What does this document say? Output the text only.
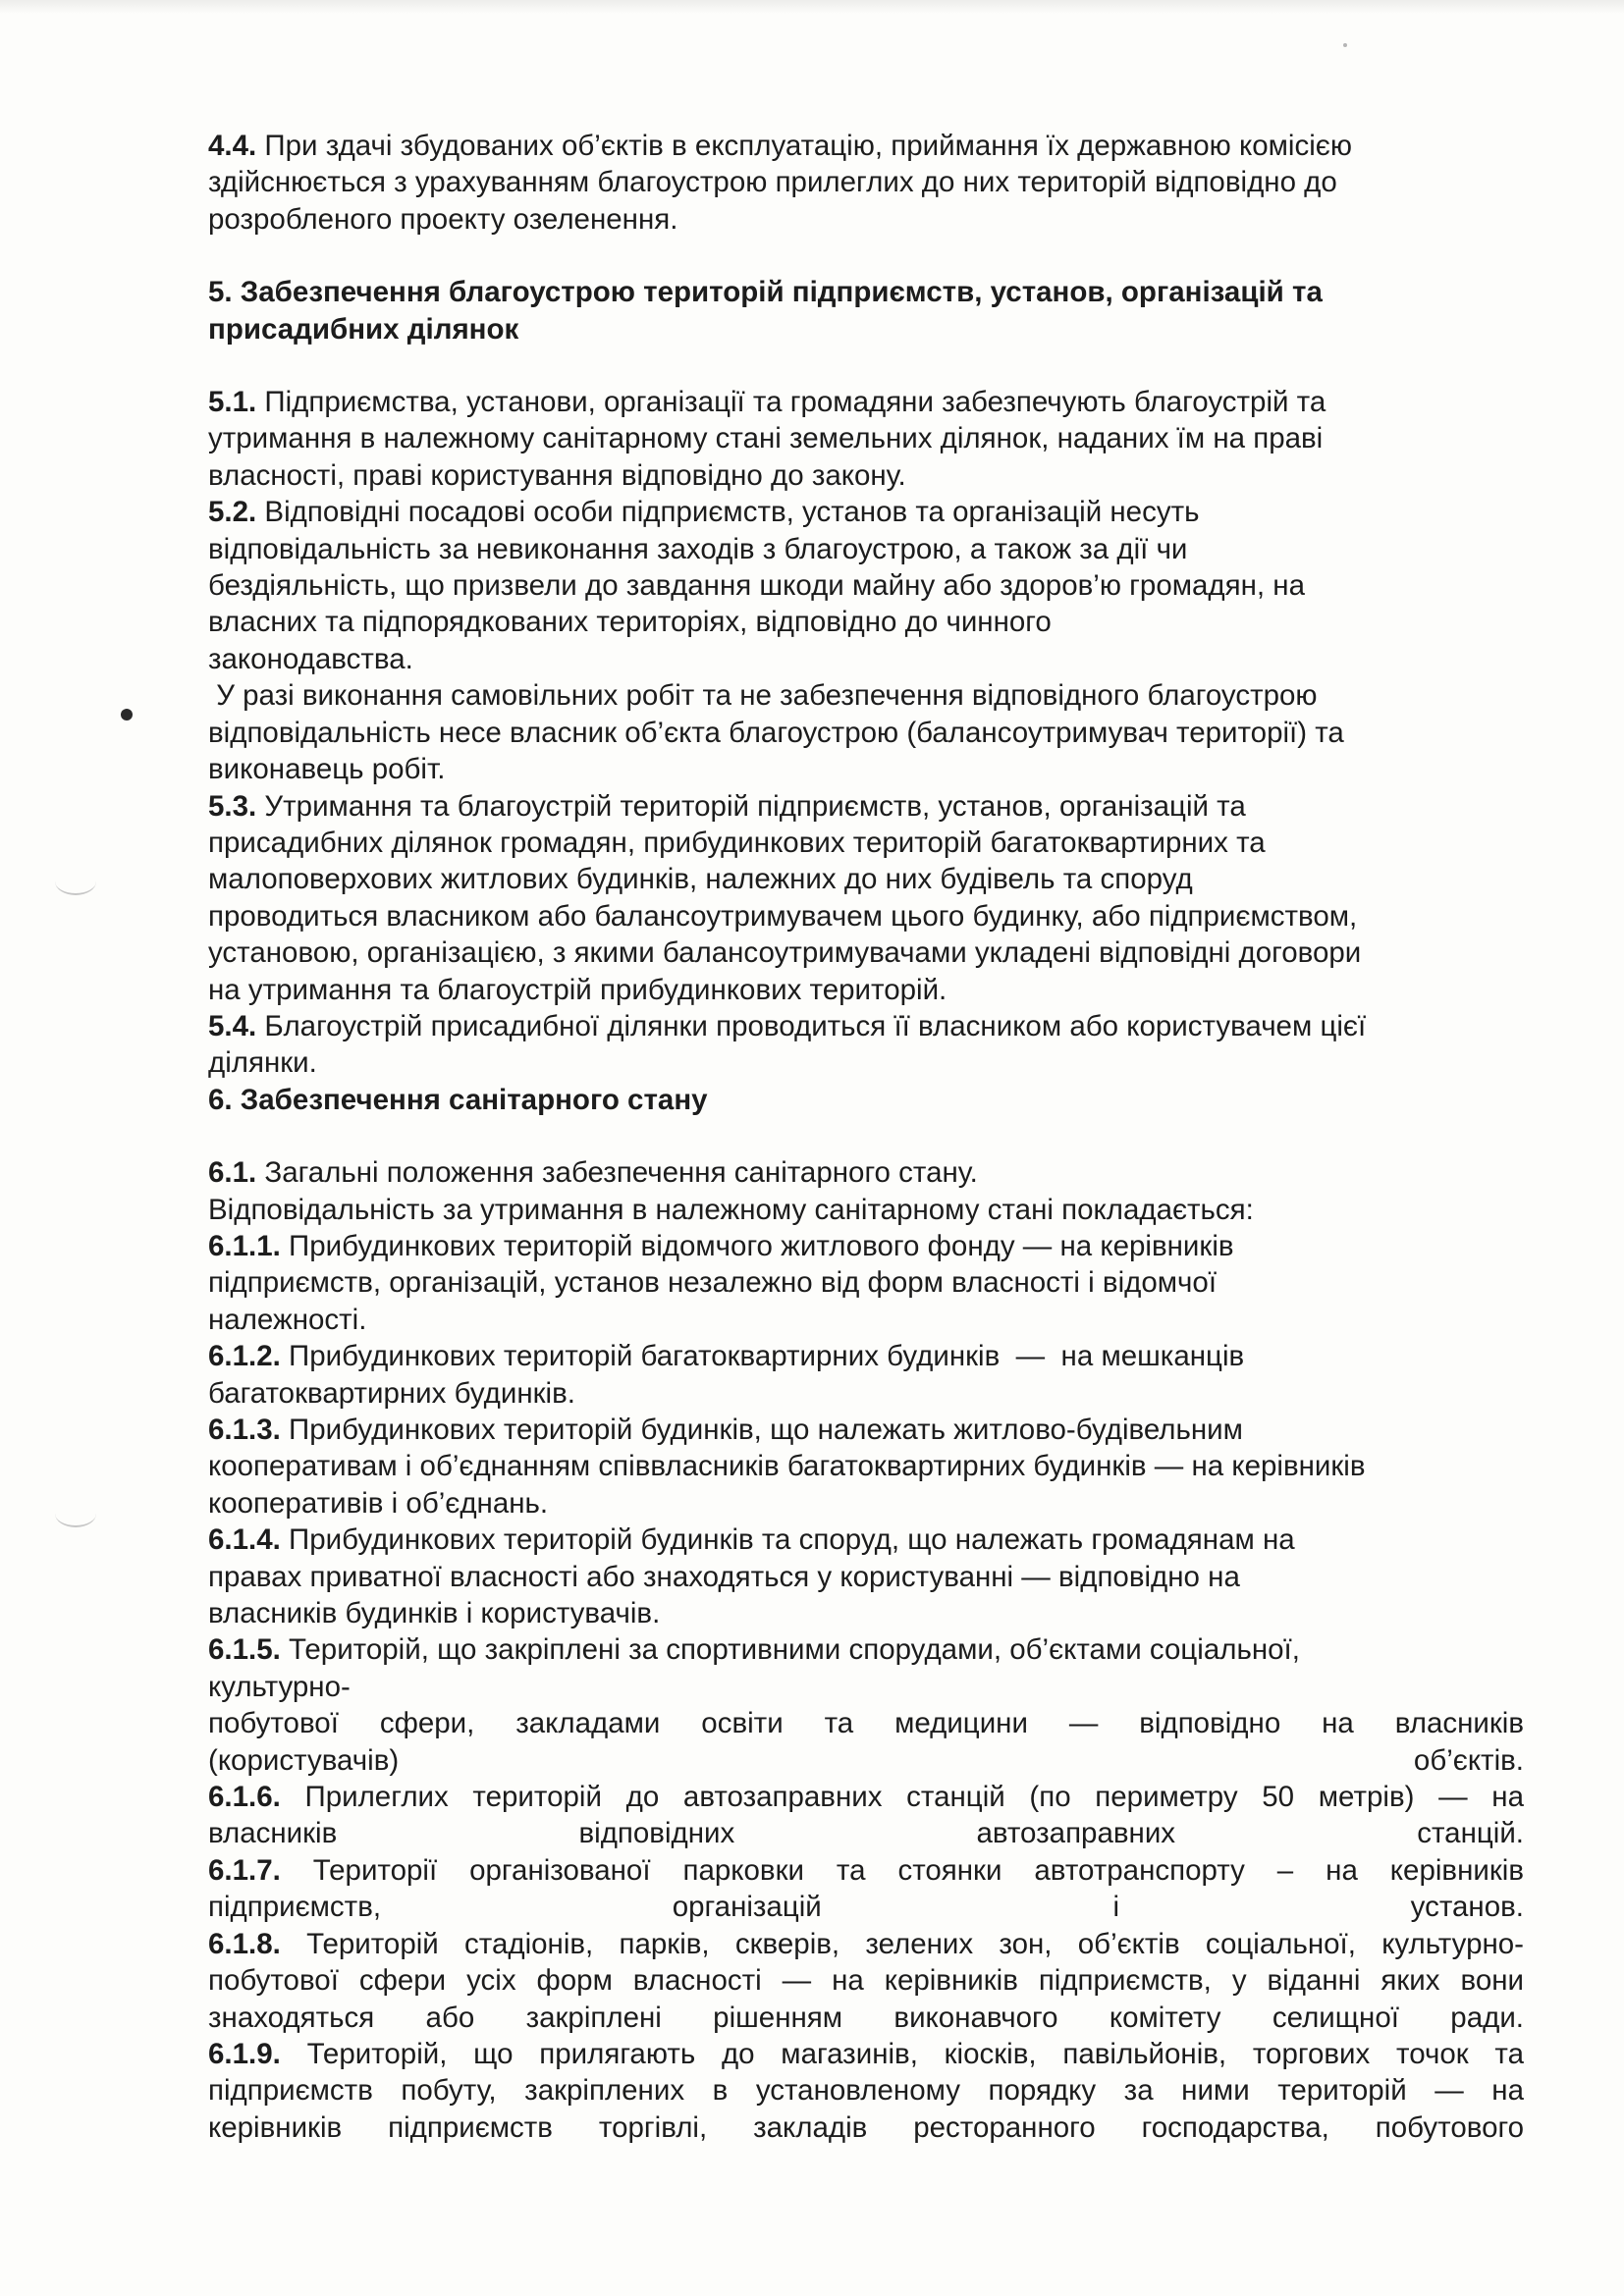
4.4. При здачі збудованих об’єктів в експлуатацію, приймання їх державною комісією
здійснюється з урахуванням благоустрою прилеглих до них територій відповідно до
розробленого проекту озеленення.
5. Забезпечення благоустрою територій підприємств, установ, організацій та
присадибних ділянок
5.1. Підприємства, установи, організації та громадяни забезпечують благоустрій та
утримання в належному санітарному стані земельних ділянок, наданих їм на праві
власності, праві користування відповідно до закону.
5.2. Відповідні посадові особи підприємств, установ та організацій несуть
відповідальність за невиконання заходів з благоустрою, а також за дії чи
бездіяльність, що призвели до завдання шкоди майну або здоров’ю громадян, на
власних та підпорядкованих територіях, відповідно до чинного
законодавства.
У разі виконання самовільних робіт та не забезпечення відповідного благоустрою
відповідальність несе власник об’єкта благоустрою (балансоутримувач території) та
виконавець робіт.
5.3. Утримання та благоустрій територій підприємств, установ, організацій та
присадибних ділянок громадян, прибудинкових територій багатоквартирних та
малоповерхових житлових будинків, належних до них будівель та споруд
проводиться власником або балансоутримувачем цього будинку, або підприємством,
установою, організацією, з якими балансоутримувачами укладені відповідні договори
на утримання та благоустрій прибудинкових територій.
5.4. Благоустрій присадибної ділянки проводиться її власником або користувачем цієї
ділянки.
6. Забезпечення санітарного стану
6.1. Загальні положення забезпечення санітарного стану.
Відповідальність за утримання в належному санітарному стані покладається:
6.1.1. Прибудинкових територій відомчого житлового фонду — на керівників
підприємств, організацій, установ незалежно від форм власності і відомчої
належності.
6.1.2. Прибудинкових територій багатоквартирних будинків  —  на мешканців
багатоквартирних будинків.
6.1.3. Прибудинкових територій будинків, що належать житлово-будівельним
кооперативам і об’єднанням співвласників багатоквартирних будинків — на керівників
кооперативів і об’єднань.
6.1.4. Прибудинкових територій будинків та споруд, що належать громадянам на
правах приватної власності або знаходяться у користуванні — відповідно на
власників будинків і користувачів.
6.1.5. Територій, що закріплені за спортивними спорудами, об’єктами соціальної,
культурно-
побутової сфери, закладами освіти та медицини — відповідно на власників
(користувачів) об’єктів.
6.1.6. Прилеглих територій до автозаправних станцій (по периметру 50 метрів) — на
власників відповідних автозаправних станцій.
6.1.7. Території організованої парковки та стоянки автотранспорту – на керівників
підприємств, організацій і установ.
6.1.8. Територій стадіонів, парків, скверів, зелених зон, об’єктів соціальної, культурно-
побутової сфери усіх форм власності — на керівників підприємств, у віданні яких вони
знаходяться або закріплені рішенням виконавчого комітету селищної ради.
6.1.9. Територій, що прилягають до магазинів, кіосків, павільйонів, торгових точок та
підприємств побуту, закріплених в установленому порядку за ними територій — на
керівників підприємств торгівлі, закладів ресторанного господарства, побутового
